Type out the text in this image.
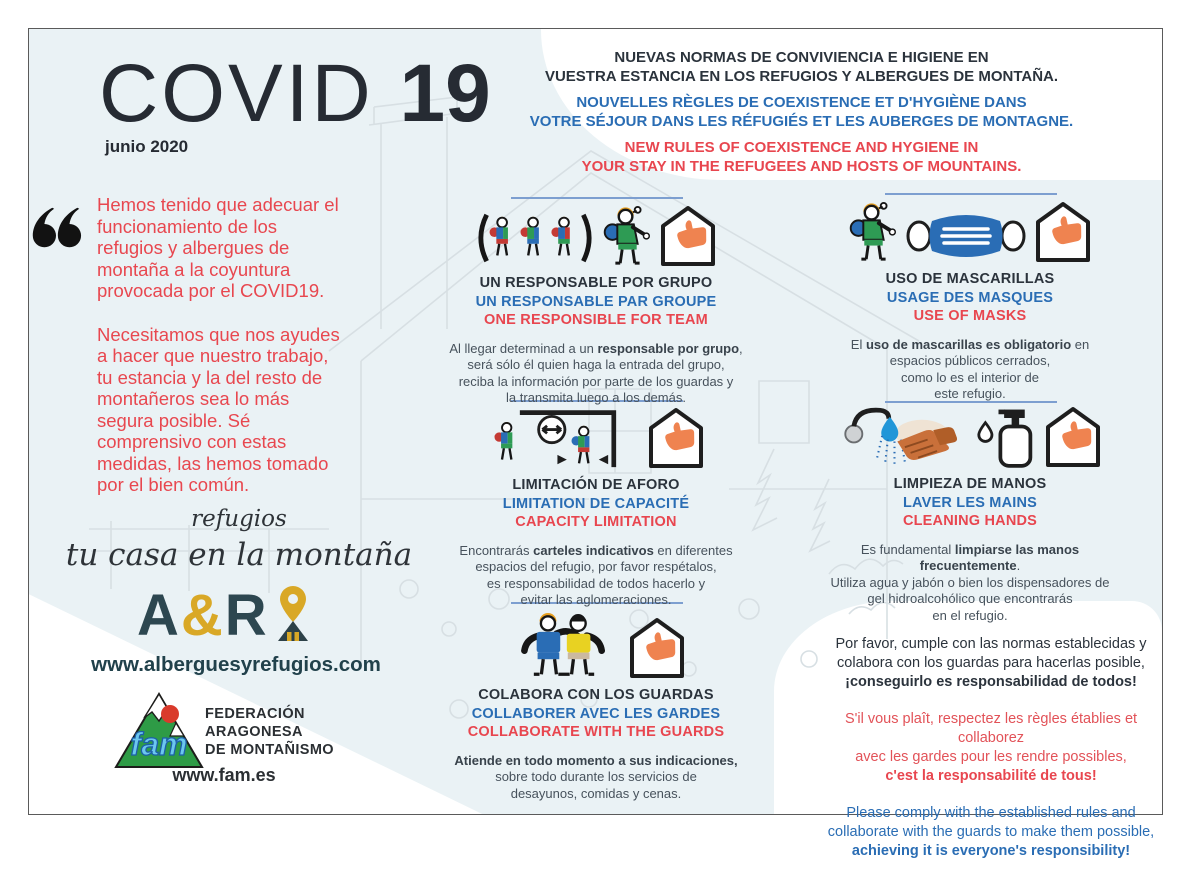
COVID 19
junio 2020
NUEVAS NORMAS DE CONVIVIENCIA E HIGIENE EN
VUESTRA ESTANCIA EN LOS REFUGIOS Y ALBERGUES DE MONTAÑA.
NOUVELLES RÈGLES DE COEXISTENCE ET D'HYGIÈNE DANS
VOTRE SÉJOUR DANS LES RÉFUGIÉS ET LES AUBERGES DE MONTAGNE.
NEW RULES OF COEXISTENCE AND HYGIENE IN
YOUR STAY IN THE REFUGEES AND HOSTS OF MOUNTAINS.

Hemos tenido que adecuar el funcionamiento de los refugios y albergues de montaña a la coyuntura provocada por el COVID19.

Necesitamos que nos ayudes a hacer que nuestro trabajo, tu estancia y la del resto de montañeros sea lo más segura posible. Sé comprensivo con estas medidas, las hemos tomado por el bien común.

refugios
tu casa en la montaña
A&R
www.alberguesyrefugios.com
fam
FEDERACIÓN
ARAGONESA
DE MONTAÑISMO
www.fam.es
UN RESPONSABLE POR GRUPO
UN RESPONSABLE PAR GROUPE
ONE RESPONSIBLE FOR TEAM

Al llegar determinad a un responsable por grupo,
será sólo él quien haga la entrada del grupo,
reciba la información por parte de los guardas y
la transmita luego a los demás.

LIMITACIÓN DE AFORO
LIMITATION DE CAPACITÉ
CAPACITY LIMITATION

Encontrarás carteles indicativos en diferentes
espacios del refugio, por favor respétalos,
es responsabilidad de todos hacerlo y
evitar las aglomeraciones.

COLABORA CON LOS GUARDAS
COLLABORER AVEC LES GARDES
COLLABORATE WITH THE GUARDS

Atiende en todo momento a sus indicaciones,
sobre todo durante los servicios de
desayunos, comidas y cenas.

USO DE MASCARILLAS
USAGE DES MASQUES
USE OF MASKS

El uso de mascarillas es obligatorio en
espacios públicos cerrados,
como lo es el interior de
este refugio.

LIMPIEZA DE MANOS
LAVER LES MAINS
CLEANING HANDS

Es fundamental limpiarse las manos frecuentemente.
Utiliza agua y jabón o bien los dispensadores de
gel hidroalcohólico que encontrarás
en el refugio.

Por favor, cumple con las normas establecidas y
colabora con los guardas para hacerlas posible,
¡conseguirlo es responsabilidad de todos!

S'il vous plaît, respectez les règles établies et collaborez
avec les gardes pour les rendre possibles,
c'est la responsabilité de tous!

Please comply with the established rules and
collaborate with the guards to make them possible,
achieving it is everyone's responsibility!
